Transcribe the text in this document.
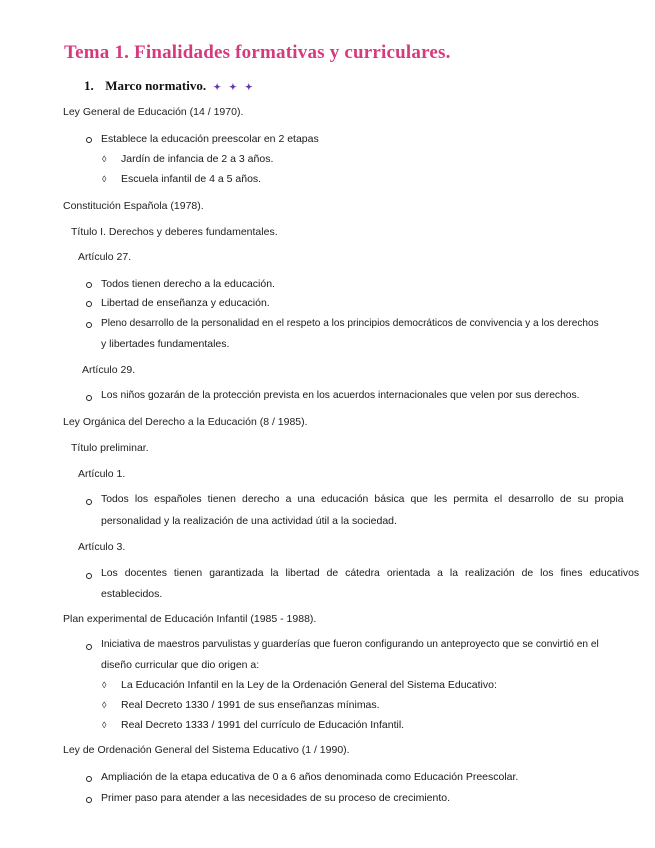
Tema 1. Finalidades formativas y curriculares.
1. Marco normativo. ✦ ✦ ✦
Ley General de Educación (14 / 1970).
Establece la educación preescolar en 2 etapas
◊ Jardín de infancia de 2 a 3 años.
◊ Escuela infantil de 4 a 5 años.
Constitución Española (1978).
Título I. Derechos y deberes fundamentales.
Artículo 27.
Todos tienen derecho a la educación.
Libertad de enseñanza y educación.
Pleno desarrollo de la personalidad en el respeto a los principios democráticos de convivencia y a los derechos
y libertades fundamentales.
Artículo 29.
Los niños gozarán de la protección prevista en los acuerdos internacionales que velen por sus derechos.
Ley Orgánica del Derecho a la Educación (8 / 1985).
Título preliminar.
Artículo 1.
Todos los españoles tienen derecho a una educación básica que les permita el desarrollo de su propia
personalidad y la realización de una actividad útil a la sociedad.
Artículo 3.
Los docentes tienen garantizada la libertad de cátedra orientada a la realización de los fines educativos
establecidos.
Plan experimental de Educación Infantil (1985 - 1988).
Iniciativa de maestros parvulistas y guarderías que fueron configurando un anteproyecto que se convirtió en el
diseño curricular que dio origen a:
◊ La Educación Infantil en la Ley de la Ordenación General del Sistema Educativo:
◊ Real Decreto 1330 / 1991 de sus enseñanzas mínimas.
◊ Real Decreto 1333 / 1991 del currículo de Educación Infantil.
Ley de Ordenación General del Sistema Educativo (1 / 1990).
Ampliación de la etapa educativa de 0 a 6 años denominada como Educación Preescolar.
Primer paso para atender a las necesidades de su proceso de crecimiento.
